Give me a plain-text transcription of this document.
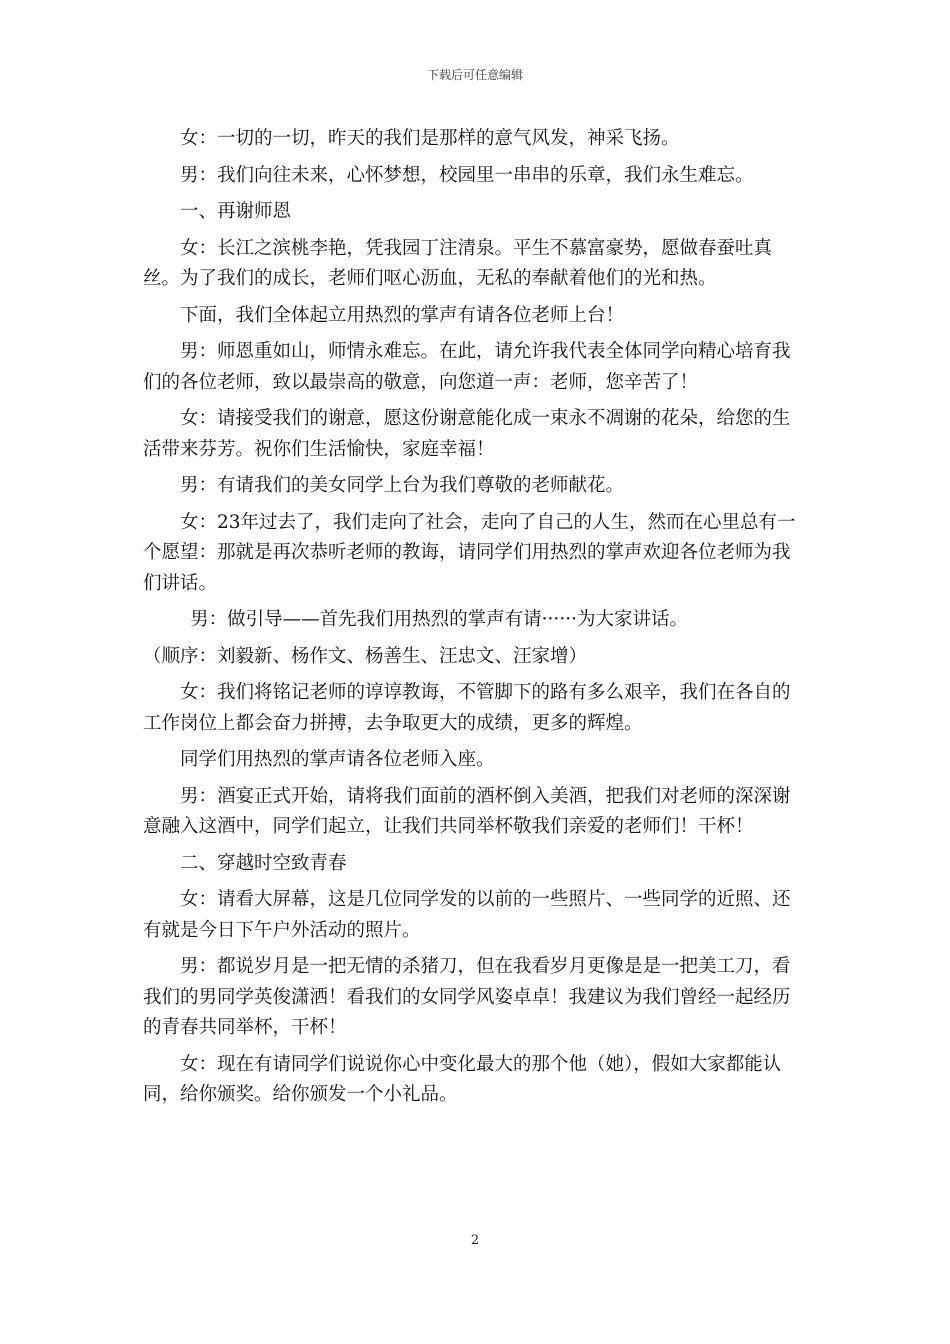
下载后可任意编辑

女：一切的一切，昨天的我们是那样的意气风发，神采飞扬。

男：我们向往未来，心怀梦想，校园里一串串的乐章，我们永生难忘。

一、再谢师恩

女：长江之滨桃李艳，凭我园丁注清泉。平生不慕富豪势，愿做春蚕吐真丝。为了我们的成长，老师们呕心沥血，无私的奉献着他们的光和热。

下面，我们全体起立用热烈的掌声有请各位老师上台！

男：师恩重如山，师情永难忘。在此，请允许我代表全体同学向精心培育我们的各位老师，致以最崇高的敬意，向您道一声：老师，您辛苦了！

女：请接受我们的谢意，愿这份谢意能化成一束永不凋谢的花朵，给您的生活带来芬芳。祝你们生活愉快，家庭幸福！

男：有请我们的美女同学上台为我们尊敬的老师献花。

女：23年过去了，我们走向了社会，走向了自己的人生，然而在心里总有一个愿望：那就是再次恭听老师的教诲，请同学们用热烈的掌声欢迎各位老师为我们讲话。

男：做引导——首先我们用热烈的掌声有请······为大家讲话。

（顺序：刘毅新、杨作文、杨善生、汪忠文、汪家增）

女：我们将铭记老师的谆谆教诲，不管脚下的路有多么艰辛，我们在各自的工作岗位上都会奋力拼搏，去争取更大的成绩，更多的辉煌。

同学们用热烈的掌声请各位老师入座。

男：酒宴正式开始，请将我们面前的酒杯倒入美酒，把我们对老师的深深谢意融入这酒中，同学们起立，让我们共同举杯敬我们亲爱的老师们！干杯！

二、穿越时空致青春

女：请看大屏幕，这是几位同学发的以前的一些照片、一些同学的近照、还有就是今日下午户外活动的照片。

男：都说岁月是一把无情的杀猪刀，但在我看岁月更像是是一把美工刀，看我们的男同学英俊潇洒！看我们的女同学风姿卓卓！我建议为我们曾经一起经历的青春共同举杯，干杯！

女：现在有请同学们说说你心中变化最大的那个他（她），假如大家都能认同，给你颁奖。给你颁发一个小礼品。

2
